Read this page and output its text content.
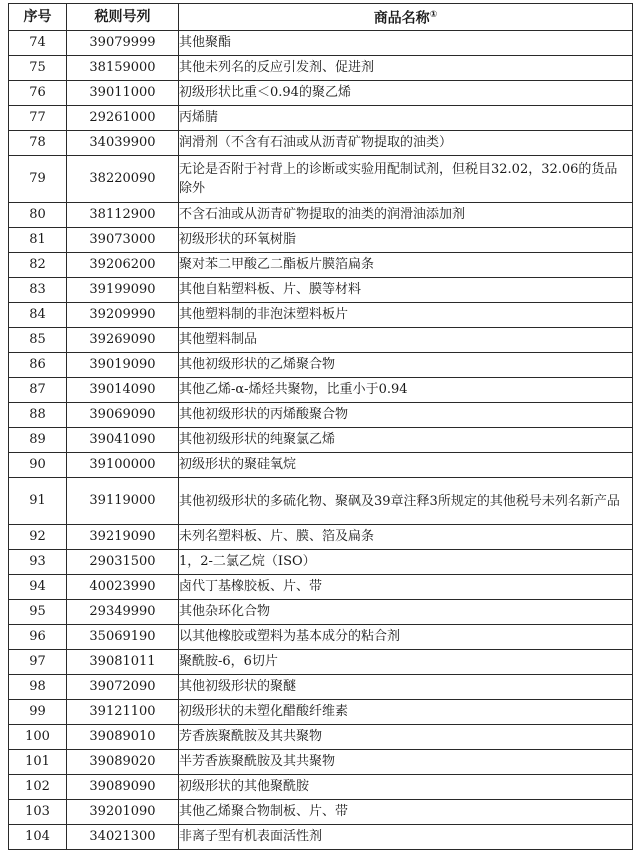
序号	税则号列	商品名称①
74	39079999	其他聚酯
75	38159000	其他未列名的反应引发剂、促进剂
76	39011000	初级形状比重＜0.94的聚乙烯
77	29261000	丙烯腈
78	34039900	润滑剂（不含有石油或从沥青矿物提取的油类）
79	38220090	无论是否附于衬背上的诊断或实验用配制试剂，但税目32.02，32.06的货品除外
80	38112900	不含石油或从沥青矿物提取的油类的润滑油添加剂
81	39073000	初级形状的环氧树脂
82	39206200	聚对苯二甲酸乙二酯板片膜箔扁条
83	39199090	其他自粘塑料板、片、膜等材料
84	39209990	其他塑料制的非泡沫塑料板片
85	39269090	其他塑料制品
86	39019090	其他初级形状的乙烯聚合物
87	39014090	其他乙烯-α-烯烃共聚物，比重小于0.94
88	39069090	其他初级形状的丙烯酸聚合物
89	39041090	其他初级形状的纯聚氯乙烯
90	39100000	初级形状的聚硅氧烷
91	39119000	其他初级形状的多硫化物、聚砜及39章注释3所规定的其他税号未列名新产品
92	39219090	未列名塑料板、片、膜、箔及扁条
93	29031500	1，2-二氯乙烷（ISO）
94	40023990	卤代丁基橡胶板、片、带
95	29349990	其他杂环化合物
96	35069190	以其他橡胶或塑料为基本成分的粘合剂
97	39081011	聚酰胺-6，6切片
98	39072090	其他初级形状的聚醚
99	39121100	初级形状的未塑化醋酸纤维素
100	39089010	芳香族聚酰胺及其共聚物
101	39089020	半芳香族聚酰胺及其共聚物
102	39089090	初级形状的其他聚酰胺
103	39201090	其他乙烯聚合物制板、片、带
104	34021300	非离子型有机表面活性剂
